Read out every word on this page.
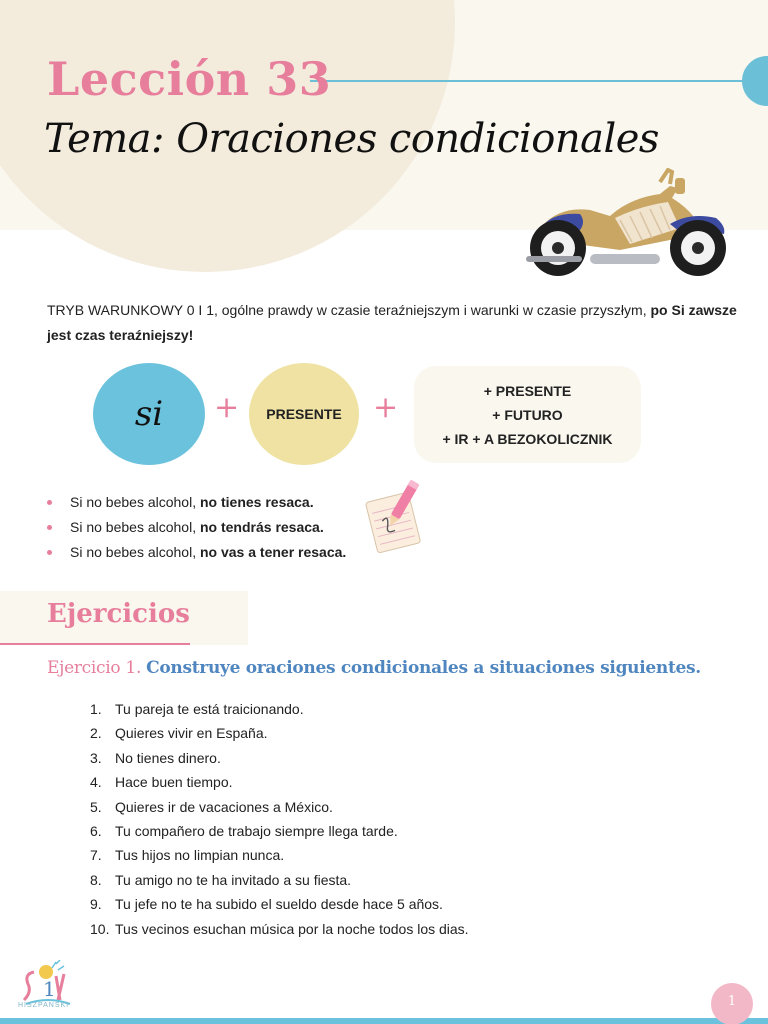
Lección 33
Tema: Oraciones condicionales

TRYB WARUNKOWY 0 I 1, ogólne prawdy w czasie teraźniejszym i warunki w czasie przyszłym, po Si zawsze jest czas teraźniejszy!

si + PRESENTE +	+ PRESENTE
+ FUTURO
+ IR + A BEZOKOLICZNIK
Si no bebes alcohol, no tienes resaca.
Si no bebes alcohol, no tendrás resaca.
Si no bebes alcohol, no vas a tener resaca.
Ejercicios
Ejercicio 1. Construye oraciones condicionales a situaciones siguientes.
1. Tu pareja te está traicionando.
2. Quieres vivir en España.
3. No tienes dinero.
4. Hace buen tiempo.
5. Quieres ir de vacaciones a México.
6. Tu compañero de trabajo siempre llega tarde.
7. Tus hijos no limpian nunca.
8. Tu amigo no te ha invitado a su fiesta.
9. Tu jefe no te ha subido el sueldo desde hace 5 años.
10. Tus vecinos esuchan música por la noche todos los dias.
1
HISZPANSKI	1
